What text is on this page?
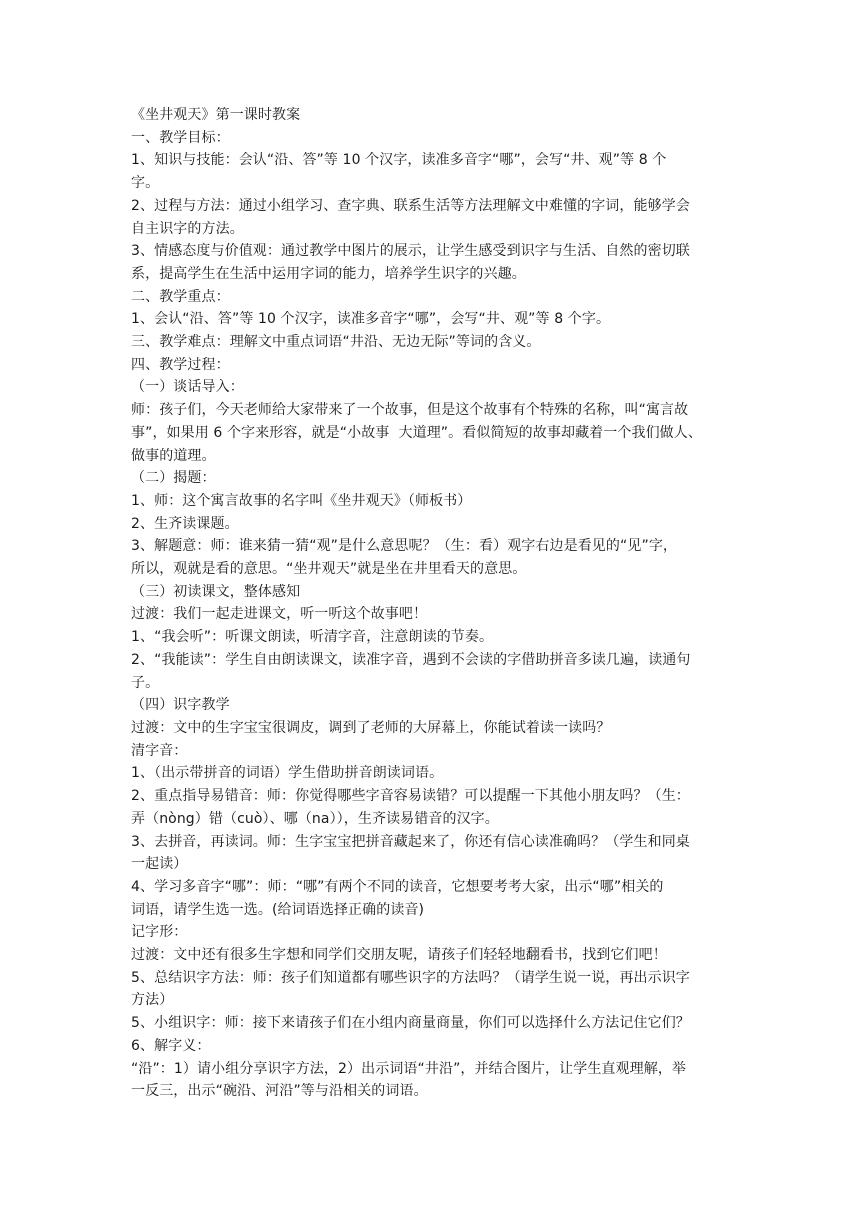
《坐井观天》第一课时教案
一、教学目标：
1、知识与技能：会认“沿、答”等 10 个汉字，读准多音字“哪”，会写“井、观”等 8 个
字。
2、过程与方法：通过小组学习、查字典、联系生活等方法理解文中难懂的字词，能够学会
自主识字的方法。
3、情感态度与价值观：通过教学中图片的展示，让学生感受到识字与生活、自然的密切联
系，提高学生在生活中运用字词的能力，培养学生识字的兴趣。
二、教学重点：
1、会认“沿、答”等 10 个汉字，读准多音字“哪”，会写“井、观”等 8 个字。
三、教学难点：理解文中重点词语“井沿、无边无际”等词的含义。
四、教学过程：
（一）谈话导入：
师：孩子们，今天老师给大家带来了一个故事，但是这个故事有个特殊的名称，叫“寓言故
事”，如果用 6 个字来形容，就是“小故事  大道理”。看似简短的故事却藏着一个我们做人、
做事的道理。
（二）揭题：
1、师：这个寓言故事的名字叫《坐井观天》（师板书）
2、生齐读课题。
3、解题意：师：谁来猜一猜“观”是什么意思呢？（生：看）观字右边是看见的“见”字，
所以，观就是看的意思。“坐井观天”就是坐在井里看天的意思。
（三）初读课文，整体感知
过渡：我们一起走进课文，听一听这个故事吧！
1、“我会听”：听课文朗读，听清字音，注意朗读的节奏。
2、“我能读”：学生自由朗读课文，读准字音，遇到不会读的字借助拼音多读几遍，读通句
子。
（四）识字教学
过渡：文中的生字宝宝很调皮，调到了老师的大屏幕上，你能试着读一读吗？
清字音：
1、（出示带拼音的词语）学生借助拼音朗读词语。
2、重点指导易错音：师：你觉得哪些字音容易读错？可以提醒一下其他小朋友吗？（生：
弄（nòng）错（cuò）、哪（na）），生齐读易错音的汉字。
3、去拼音，再读词。师：生字宝宝把拼音藏起来了，你还有信心读准确吗？（学生和同桌
一起读）
4、学习多音字“哪”：师：“哪”有两个不同的读音，它想要考考大家，出示“哪”相关的
词语，请学生选一选。(给词语选择正确的读音)
记字形：
过渡：文中还有很多生字想和同学们交朋友呢，请孩子们轻轻地翻看书，找到它们吧！
5、总结识字方法：师：孩子们知道都有哪些识字的方法吗？（请学生说一说，再出示识字
方法）
5、小组识字：师：接下来请孩子们在小组内商量商量，你们可以选择什么方法记住它们？
6、解字义：
“沿”：1）请小组分享识字方法，2）出示词语“井沿”，并结合图片，让学生直观理解，举
一反三，出示“碗沿、河沿”等与沿相关的词语。
